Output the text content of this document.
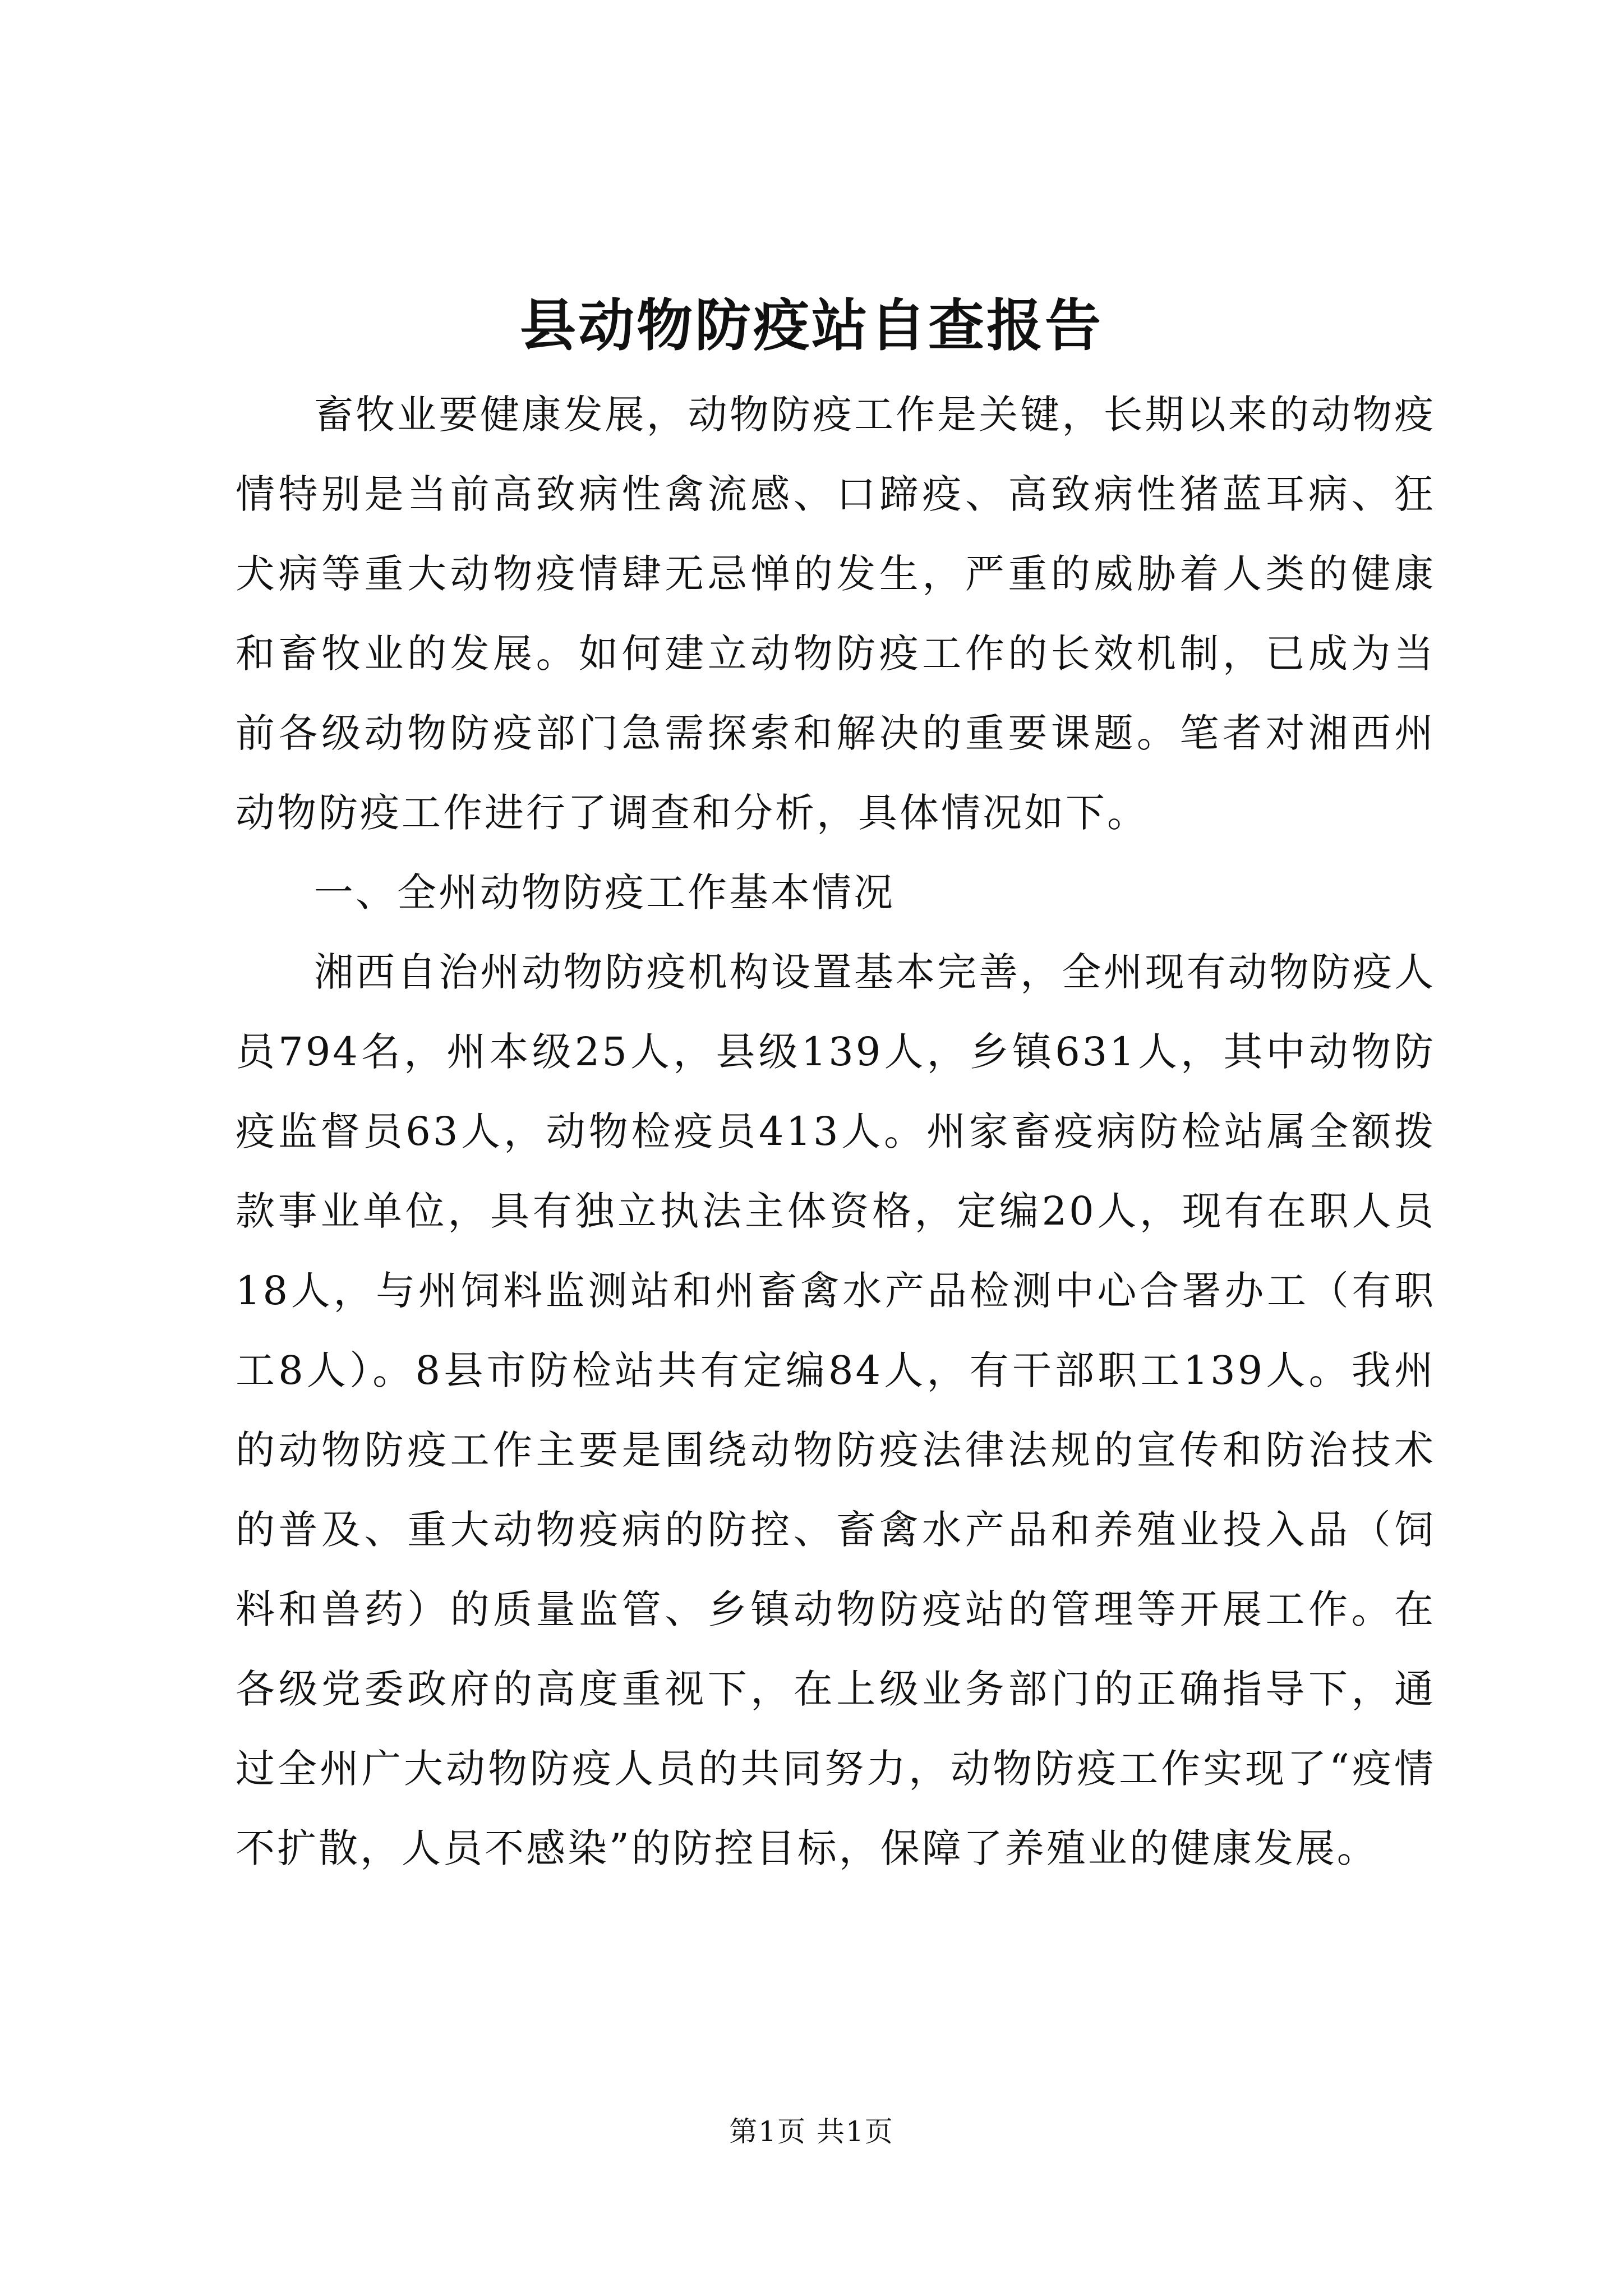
县动物防疫站自查报告

畜牧业要健康发展，动物防疫工作是关键，长期以来的动物疫情特别是当前高致病性禽流感、口蹄疫、高致病性猪蓝耳病、狂犬病等重大动物疫情肆无忌惮的发生，严重的威胁着人类的健康和畜牧业的发展。如何建立动物防疫工作的长效机制，已成为当前各级动物防疫部门急需探索和解决的重要课题。笔者对湘西州动物防疫工作进行了调查和分析，具体情况如下。

一、全州动物防疫工作基本情况

湘西自治州动物防疫机构设置基本完善，全州现有动物防疫人员794名，州本级25人，县级139人，乡镇631人，其中动物防疫监督员63人，动物检疫员413人。州家畜疫病防检站属全额拨款事业单位，具有独立执法主体资格，定编20人，现有在职人员18人，与州饲料监测站和州畜禽水产品检测中心合署办工（有职工8人）。8县市防检站共有定编84人，有干部职工139人。我州的动物防疫工作主要是围绕动物防疫法律法规的宣传和防治技术的普及、重大动物疫病的防控、畜禽水产品和养殖业投入品（饲料和兽药）的质量监管、乡镇动物防疫站的管理等开展工作。在各级党委政府的高度重视下，在上级业务部门的正确指导下，通过全州广大动物防疫人员的共同努力，动物防疫工作实现了“疫情不扩散，人员不感染”的防控目标，保障了养殖业的健康发展。

第1页 共1页
